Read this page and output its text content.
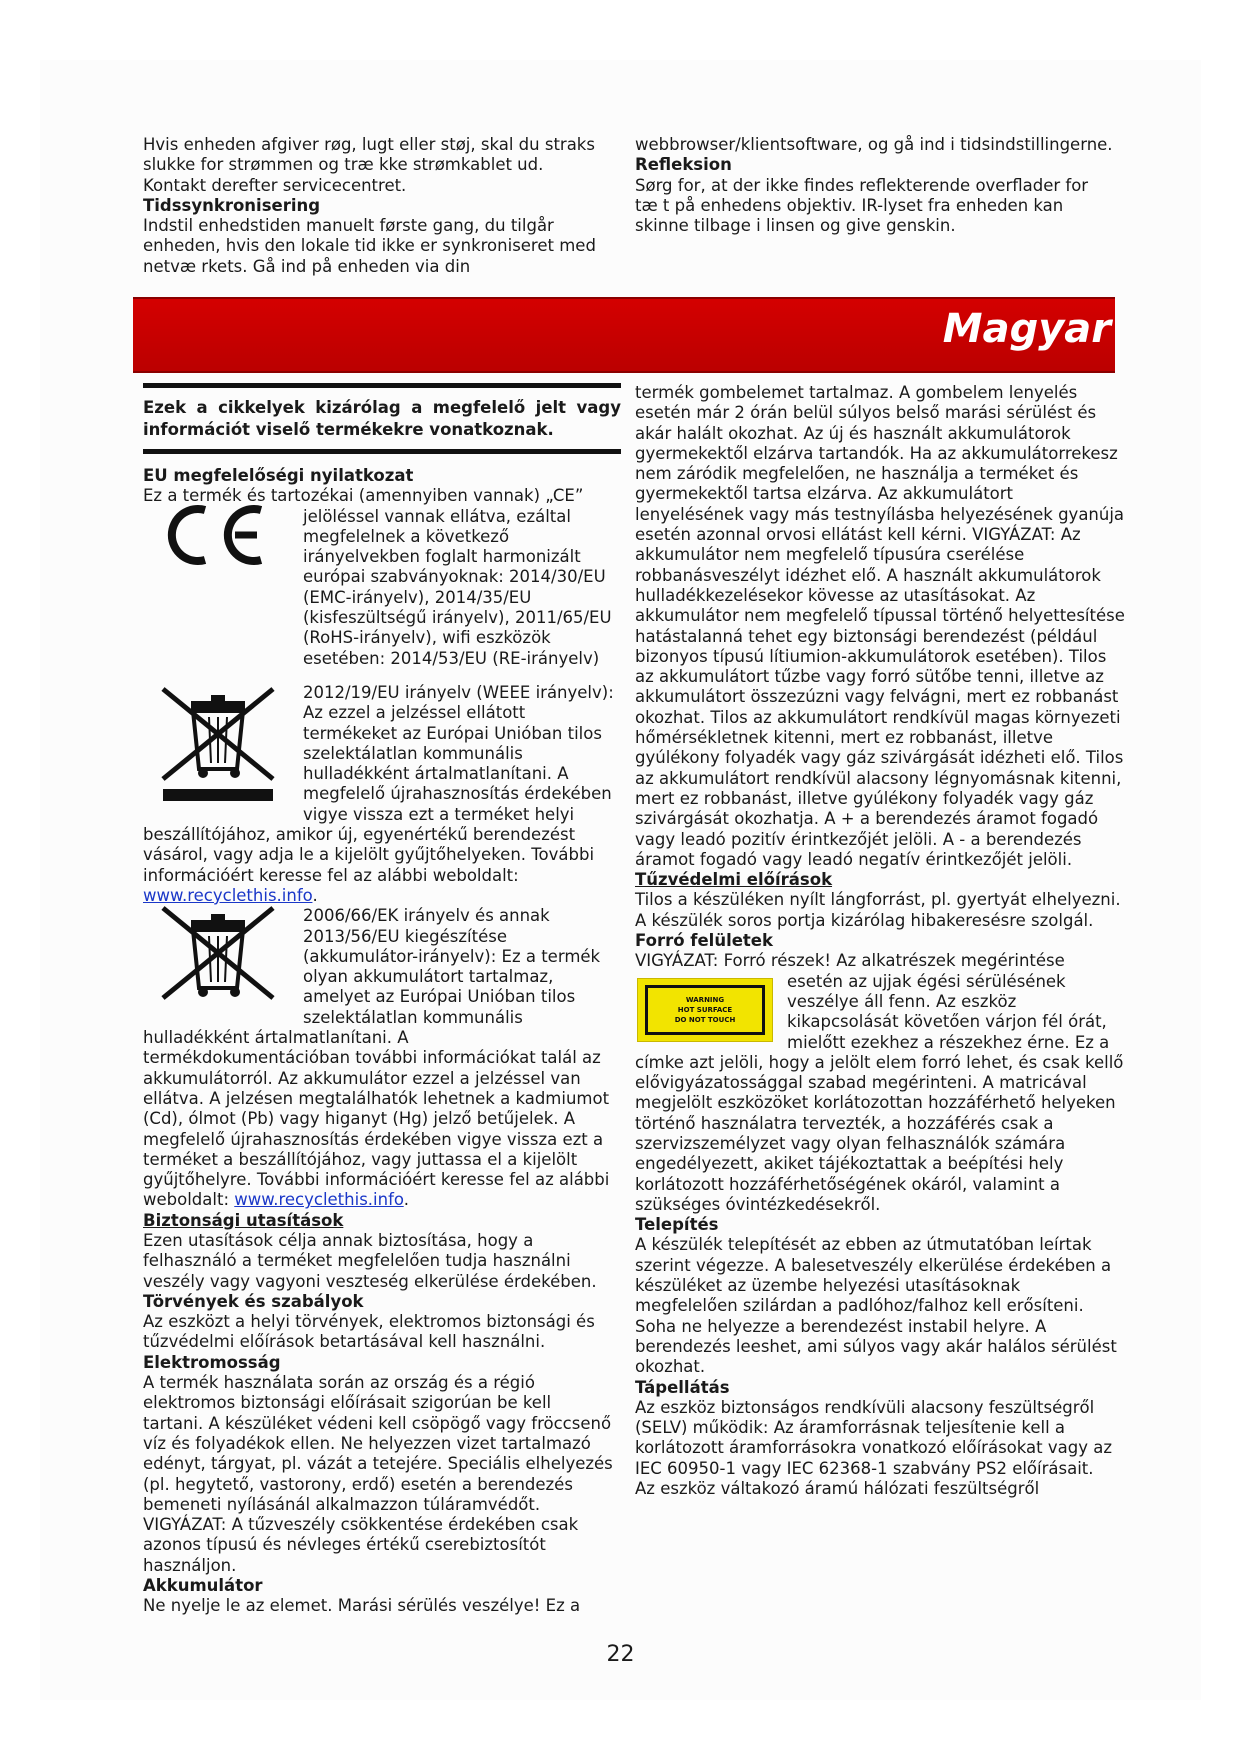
Hvis enheden afgiver røg, lugt eller støj, skal du straks slukke for strømmen og træ kke strømkablet ud.

Kontakt derefter servicecentret.

Tidssynkronisering

Indstil enhedstiden manuelt første gang, du tilgår enheden, hvis den lokale tid ikke er synkroniseret med netvæ rkets. Gå ind på enheden via din

webbrowser/klientsoftware, og gå ind i tidsindstillingerne.

Refleksion

Sørg for, at der ikke findes reflekterende overflader for tæ t på enhedens objektiv. IR-lyset fra enheden kan skinne tilbage i linsen og give genskin.

Magyar
Ezek a cikkelyek kizárólag a megfelelő jelt vagy információt viselő termékekre vonatkoznak.

EU megfelelőségi nyilatkozat

Ez a termék és tartozékai (amennyiben vannak) „CE” jelöléssel vannak ellátva, ezáltal megfelelnek a következő irányelvekben foglalt harmonizált európai szabványoknak: 2014/30/EU (EMC-irányelv), 2014/35/EU (kisfeszültségű irányelv), 2011/65/EU (RoHS-irányelv), wifi eszközök esetében: 2014/53/EU (RE-irányelv)

2012/19/EU irányelv (WEEE irányelv): Az ezzel a jelzéssel ellátott termékeket az Európai Unióban tilos szelektálatlan kommunális hulladékként ártalmatlanítani. A megfelelő újrahasznosítás érdekében vigye vissza ezt a terméket helyi beszállítójához, amikor új, egyenértékű berendezést vásárol, vagy adja le a kijelölt gyűjtőhelyeken. További információért keresse fel az alábbi weboldalt: www.recyclethis.info.

2006/66/EK irányelv és annak 2013/56/EU kiegészítése (akkumulátor-irányelv): Ez a termék olyan akkumulátort tartalmaz, amelyet az Európai Unióban tilos szelektálatlan kommunális hulladékként ártalmatlanítani. A termékdokumentációban további információkat talál az akkumulátorról. Az akkumulátor ezzel a jelzéssel van ellátva. A jelzésen megtalálhatók lehetnek a kadmiumot (Cd), ólmot (Pb) vagy higanyt (Hg) jelző betűjelek. A megfelelő újrahasznosítás érdekében vigye vissza ezt a terméket a beszállítójához, vagy juttassa el a kijelölt gyűjtőhelyre. További információért keresse fel az alábbi weboldalt: www.recyclethis.info.

Biztonsági utasítások

Ezen utasítások célja annak biztosítása, hogy a felhasználó a terméket megfelelően tudja használni veszély vagy vagyoni veszteség elkerülése érdekében.

Törvények és szabályok

Az eszközt a helyi törvények, elektromos biztonsági és tűzvédelmi előírások betartásával kell használni.

Elektromosság

A termék használata során az ország és a régió elektromos biztonsági előírásait szigorúan be kell tartani. A készüléket védeni kell csöpögő vagy fröccsenő víz és folyadékok ellen. Ne helyezzen vizet tartalmazó edényt, tárgyat, pl. vázát a tetejére. Speciális elhelyezés (pl. hegytető, vastorony, erdő) esetén a berendezés bemeneti nyílásánál alkalmazzon túláramvédőt. VIGYÁZAT: A tűzveszély csökkentése érdekében csak azonos típusú és névleges értékű cserebiztosítót használjon.

Akkumulátor

Ne nyelje le az elemet. Marási sérülés veszélye! Ez a

termék gombelemet tartalmaz. A gombelem lenyelés esetén már 2 órán belül súlyos belső marási sérülést és akár halált okozhat. Az új és használt akkumulátorok gyermekektől elzárva tartandók. Ha az akkumulátorrekesz nem záródik megfelelően, ne használja a terméket és gyermekektől tartsa elzárva. Az akkumulátort lenyelésének vagy más testnyílásba helyezésének gyanúja esetén azonnal orvosi ellátást kell kérni. VIGYÁZAT: Az akkumulátor nem megfelelő típusúra cserélése robbanásveszélyt idézhet elő. A használt akkumulátorok hulladékkezelésekor kövesse az utasításokat. Az akkumulátor nem megfelelő típussal történő helyettesítése hatástalanná tehet egy biztonsági berendezést (például bizonyos típusú lítiumion-akkumulátorok esetében). Tilos az akkumulátort tűzbe vagy forró sütőbe tenni, illetve az akkumulátort összezúzni vagy felvágni, mert ez robbanást okozhat. Tilos az akkumulátort rendkívül magas környezeti hőmérsékletnek kitenni, mert ez robbanást, illetve gyúlékony folyadék vagy gáz szivárgását idézheti elő. Tilos az akkumulátort rendkívül alacsony légnyomásnak kitenni, mert ez robbanást, illetve gyúlékony folyadék vagy gáz szivárgását okozhatja. A + a berendezés áramot fogadó vagy leadó pozitív érintkezőjét jelöli. A - a berendezés áramot fogadó vagy leadó negatív érintkezőjét jelöli.

Tűzvédelmi előírások

Tilos a készüléken nyílt lángforrást, pl. gyertyát elhelyezni. A készülék soros portja kizárólag hibakeresésre szolgál.

Forró felületek

VIGYÁZAT: Forró részek! Az alkatrészek megérintése

WARNING
HOT SURFACE
DO NOT TOUCH

esetén az ujjak égési sérülésének veszélye áll fenn. Az eszköz kikapcsolását követően várjon fél órát, mielőtt ezekhez a részekhez érne. Ez a címke azt jelöli, hogy a jelölt elem forró lehet, és csak kellő elővigyázatossággal szabad megérinteni. A matricával megjelölt eszközöket korlátozottan hozzáférhető helyeken történő használatra tervezték, a hozzáférés csak a szervizszemélyzet vagy olyan felhasználók számára engedélyezett, akiket tájékoztattak a beépítési hely korlátozott hozzáférhetőségének okáról, valamint a szükséges óvintézkedésekről.

Telepítés

A készülék telepítését az ebben az útmutatóban leírtak szerint végezze. A balesetveszély elkerülése érdekében a készüléket az üzembe helyezési utasításoknak megfelelően szilárdan a padlóhoz/falhoz kell erősíteni. Soha ne helyezze a berendezést instabil helyre. A berendezés leeshet, ami súlyos vagy akár halálos sérülést okozhat.

Tápellátás

Az eszköz biztonságos rendkívüli alacsony feszültségről (SELV) működik: Az áramforrásnak teljesítenie kell a korlátozott áramforrásokra vonatkozó előírásokat vagy az IEC 60950-1 vagy IEC 62368-1 szabvány PS2 előírásait.

Az eszköz váltakozó áramú hálózati feszültségről

22
